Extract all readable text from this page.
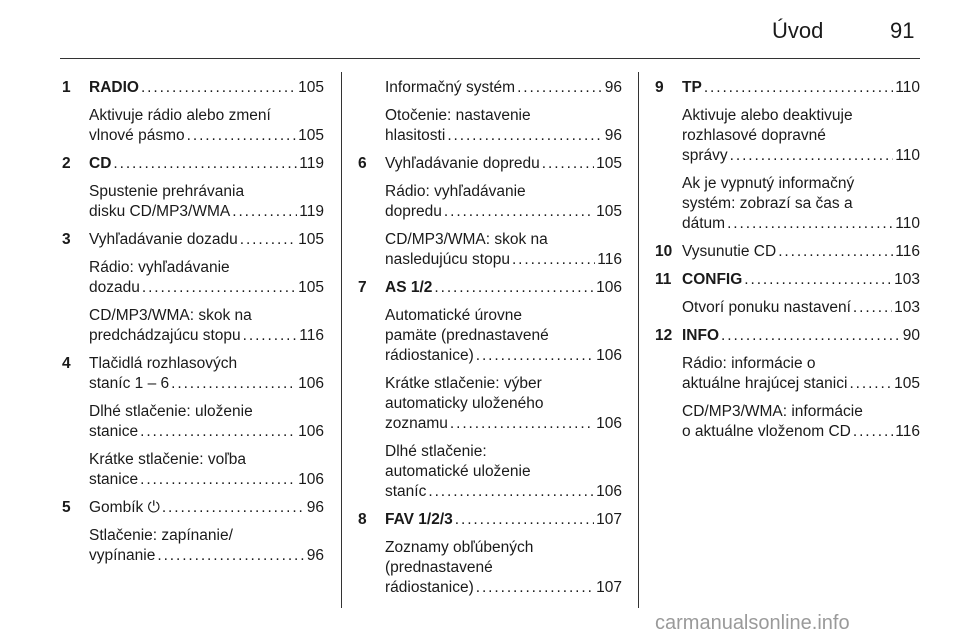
Úvod	91
1 RADIO . . .	105
Aktivuje rádio alebo zmení
vlnové pásmo . . .	105
2 CD . . .	119
Spustenie prehrávania
disku CD/MP3/WMA . . .	119
3 Vyhľadávanie dozadu . . .	105
Rádio: vyhľadávanie
dozadu . . .	105
CD/MP3/WMA: skok na
predchádzajúcu stopu . . .	116
4 Tlačidlá rozhlasových
staníc 1 – 6 . . .	106
Dlhé stlačenie: uloženie
stanice . . .	106
Krátke stlačenie: voľba
stanice . . .	106
5 Gombík ⏻ . . .	96
Stlačenie: zapínanie/
vypínanie . . .	96
Informačný systém . . .	96
Otočenie: nastavenie
hlasitosti . . .	96
6 Vyhľadávanie dopredu . . .	105
Rádio: vyhľadávanie
dopredu . . .	105
CD/MP3/WMA: skok na
nasledujúcu stopu . . .	116
7 AS 1/2 . . .	106
Automatické úrovne
pamäte (prednastavené
rádiostanice) . . .	106
Krátke stlačenie: výber
automaticky uloženého
zoznamu . . .	106
Dlhé stlačenie:
automatické uloženie
staníc . . .	106
8 FAV 1/2/3 . . .	107
Zoznamy obľúbených
(prednastavené
rádiostanice) . . .	107
9 TP . . .	110
Aktivuje alebo deaktivuje
rozhlasové dopravné
správy . . .	110
Ak je vypnutý informačný
systém: zobrazí sa čas a
dátum . . .	110
10 Vysunutie CD . . .	116
11 CONFIG . . .	103
Otvorí ponuku nastavení . . .	103
12 INFO . . .	90
Rádio: informácie o
aktuálne hrajúcej stanici . . .	105
CD/MP3/WMA: informácie
o aktuálne vloženom CD . . .	116
carmanualsonline.info
